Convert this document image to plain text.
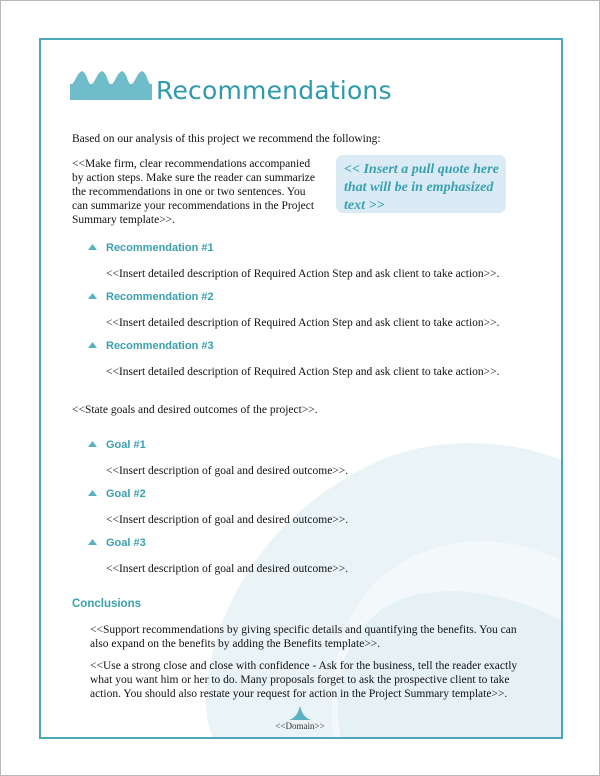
Recommendations
Based on our analysis of this project we recommend the following:
<<Make firm, clear recommendations accompanied by action steps. Make sure the reader can summarize the recommendations in one or two sentences. You can summarize your recommendations in the Project Summary template>>.
<< Insert a pull quote here that will be in emphasized text >>
Recommendation #1
<<Insert detailed description of Required Action Step and ask client to take action>>.
Recommendation #2
<<Insert detailed description of Required Action Step and ask client to take action>>.
Recommendation #3
<<Insert detailed description of Required Action Step and ask client to take action>>.
<<State goals and desired outcomes of the project>>.
Goal #1
<<Insert description of goal and desired outcome>>.
Goal #2
<<Insert description of goal and desired outcome>>.
Goal #3
<<Insert description of goal and desired outcome>>.
Conclusions
<<Support recommendations by giving specific details and quantifying the benefits. You can also expand on the benefits by adding the Benefits template>>.
<<Use a strong close and close with confidence - Ask for the business, tell the reader exactly what you want him or her to do. Many proposals forget to ask the prospective client to take action. You should also restate your request for action in the Project Summary template>>.
<<Domain>>
